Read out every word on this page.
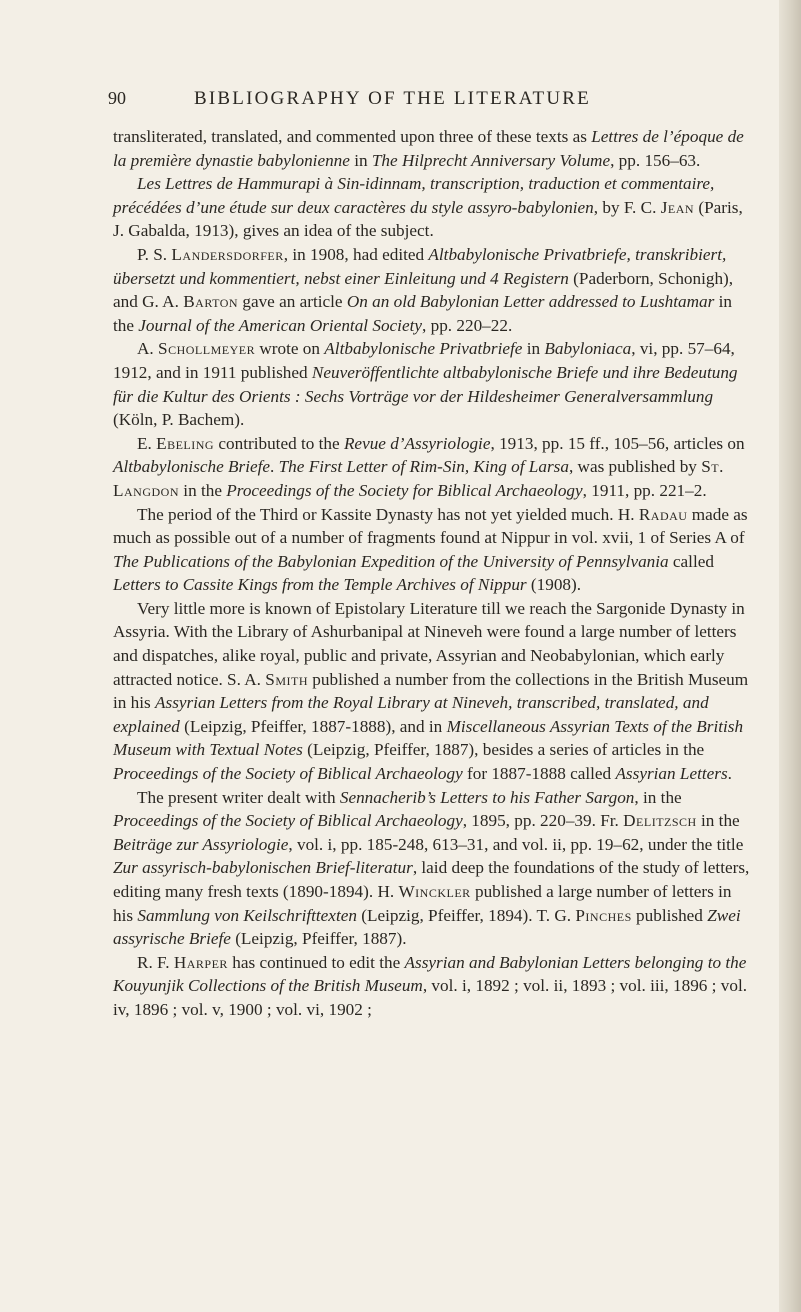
90	BIBLIOGRAPHY OF THE LITERATURE

transliterated, translated, and commented upon three of these texts as Lettres de l’époque de la première dynastie babylonienne in The Hilprecht Anniversary Volume, pp. 156–63.

Les Lettres de Hammurapi à Sin-idinnam, transcription, traduction et commentaire, précédées d’une étude sur deux caractères du style assyro-babylonien, by F. C. Jean (Paris, J. Gabalda, 1913), gives an idea of the subject.

P. S. Landersdorfer, in 1908, had edited Altbabylonische Privatbriefe, transkribiert, übersetzt und kommentiert, nebst einer Einleitung und 4 Registern (Paderborn, Schonigh), and G. A. Barton gave an article On an old Babylonian Letter addressed to Lushtamar in the Journal of the American Oriental Society, pp. 220–22.

A. Schollmeyer wrote on Altbabylonische Privatbriefe in Babyloniaca, vi, pp. 57–64, 1912, and in 1911 published Neuveröffentlichte altbabylonische Briefe und ihre Bedeutung für die Kultur des Orients : Sechs Vorträge vor der Hildesheimer Generalversammlung (Köln, P. Bachem).

E. Ebeling contributed to the Revue d’Assyriologie, 1913, pp. 15 ff., 105–56, articles on Altbabylonische Briefe. The First Letter of Rim-Sin, King of Larsa, was published by St. Langdon in the Proceedings of the Society for Biblical Archaeology, 1911, pp. 221–2.

The period of the Third or Kassite Dynasty has not yet yielded much. H. Radau made as much as possible out of a number of fragments found at Nippur in vol. xvii, 1 of Series A of The Publications of the Babylonian Expedition of the University of Pennsylvania called Letters to Cassite Kings from the Temple Archives of Nippur (1908).

Very little more is known of Epistolary Literature till we reach the Sargonide Dynasty in Assyria. With the Library of Ashurbanipal at Nineveh were found a large number of letters and dispatches, alike royal, public and private, Assyrian and Neobabylonian, which early attracted notice. S. A. Smith published a number from the collections in the British Museum in his Assyrian Letters from the Royal Library at Nineveh, transcribed, translated, and explained (Leipzig, Pfeiffer, 1887-1888), and in Miscellaneous Assyrian Texts of the British Museum with Textual Notes (Leipzig, Pfeiffer, 1887), besides a series of articles in the Proceedings of the Society of Biblical Archaeology for 1887-1888 called Assyrian Letters.

The present writer dealt with Sennacherib’s Letters to his Father Sargon, in the Proceedings of the Society of Biblical Archaeology, 1895, pp. 220–39. Fr. Delitzsch in the Beiträge zur Assyriologie, vol. i, pp. 185-248, 613–31, and vol. ii, pp. 19–62, under the title Zur assyrisch-babylonischen Brief-literatur, laid deep the foundations of the study of letters, editing many fresh texts (1890-1894). H. Winckler published a large number of letters in his Sammlung von Keilschrifttexten (Leipzig, Pfeiffer, 1894). T. G. Pinches published Zwei assyrische Briefe (Leipzig, Pfeiffer, 1887).

R. F. Harper has continued to edit the Assyrian and Babylonian Letters belonging to the Kouyunjik Collections of the British Museum, vol. i, 1892 ; vol. ii, 1893 ; vol. iii, 1896 ; vol. iv, 1896 ; vol. v, 1900 ; vol. vi, 1902 ;
